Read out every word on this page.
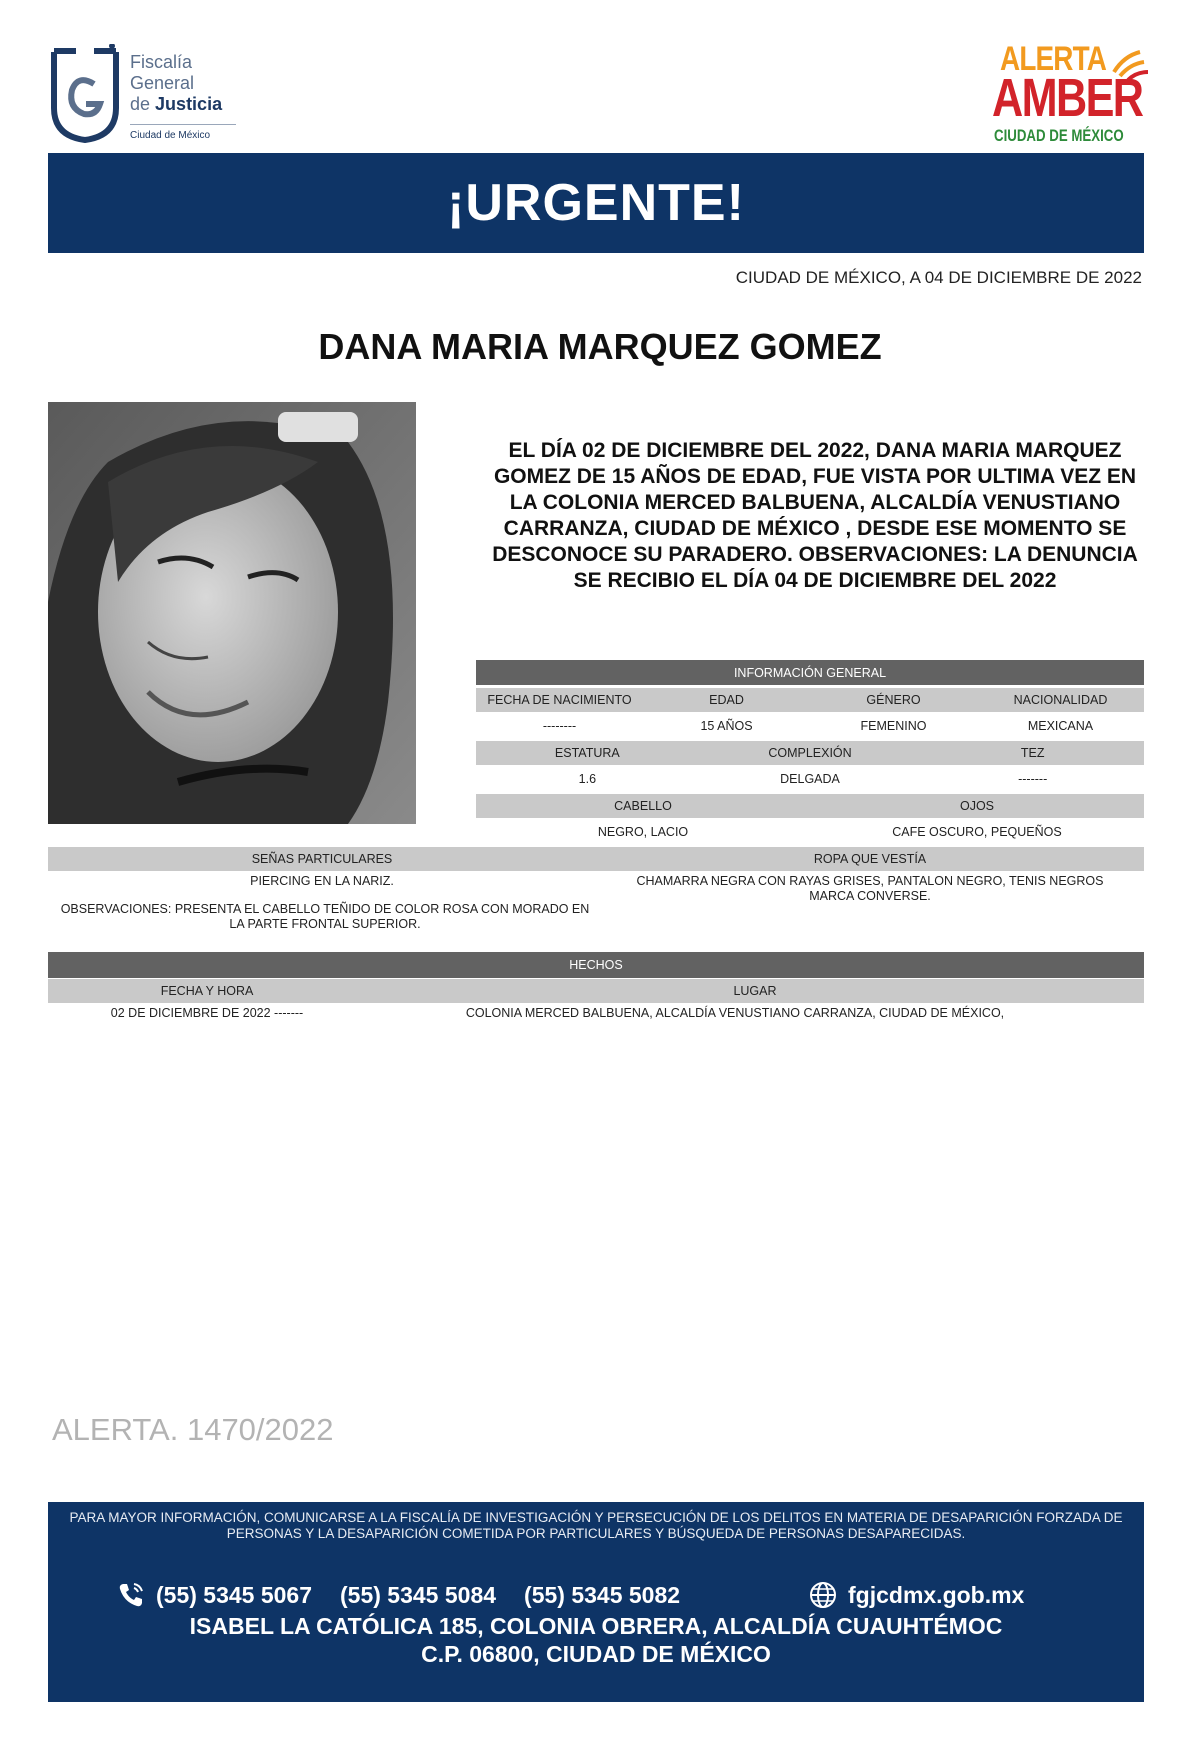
Fiscalía
General
de Justicia
Ciudad de México
ALERTA
AMBER
CIUDAD DE MÉXICO
¡URGENTE!
CIUDAD DE MÉXICO, A 04 DE DICIEMBRE DE 2022
DANA MARIA MARQUEZ GOMEZ
EL DÍA 02 DE DICIEMBRE DEL 2022, DANA MARIA MARQUEZ GOMEZ DE 15 AÑOS DE EDAD, FUE VISTA POR ULTIMA VEZ EN LA COLONIA MERCED BALBUENA, ALCALDÍA VENUSTIANO CARRANZA, CIUDAD DE MÉXICO , DESDE ESE MOMENTO SE DESCONOCE SU PARADERO. OBSERVACIONES: LA DENUNCIA SE RECIBIO EL DÍA 04 DE DICIEMBRE DEL 2022
INFORMACIÓN GENERAL
FECHA DE NACIMIENTO	EDAD	GÉNERO	NACIONALIDAD
--------	15 AÑOS	FEMENINO	MEXICANA
ESTATURA	COMPLEXIÓN	TEZ
1.6	DELGADA	-------
CABELLO	OJOS
NEGRO, LACIO	CAFE OSCURO, PEQUEÑOS
SEÑAS PARTICULARES	ROPA QUE VESTÍA
PIERCING EN LA NARIZ.	CHAMARRA NEGRA CON RAYAS GRISES, PANTALON NEGRO, TENIS NEGROS MARCA CONVERSE.
OBSERVACIONES: PRESENTA EL CABELLO TEÑIDO DE COLOR ROSA CON MORADO EN LA PARTE FRONTAL SUPERIOR.
HECHOS
FECHA Y HORA	LUGAR
02 DE DICIEMBRE DE 2022 -------	COLONIA MERCED BALBUENA, ALCALDÍA VENUSTIANO CARRANZA, CIUDAD DE MÉXICO,
ALERTA. 1470/2022
PARA MAYOR INFORMACIÓN, COMUNICARSE A LA FISCALÍA DE INVESTIGACIÓN Y PERSECUCIÓN DE LOS DELITOS EN MATERIA DE DESAPARICIÓN FORZADA DE PERSONAS Y LA DESAPARICIÓN COMETIDA POR PARTICULARES Y BÚSQUEDA DE PERSONAS DESAPARECIDAS.
(55) 5345 5067 (55) 5345 5084 (55) 5345 5082	fgjcdmx.gob.mx
ISABEL LA CATÓLICA 185, COLONIA OBRERA, ALCALDÍA CUAUHTÉMOC
C.P. 06800, CIUDAD DE MÉXICO
